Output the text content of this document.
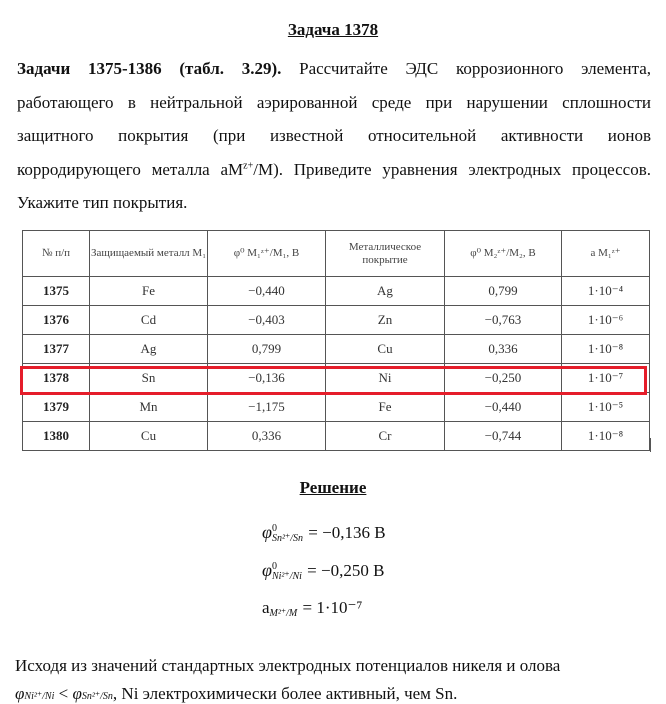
Задача 1378
Задачи 1375-1386 (табл. 3.29). Рассчитайте ЭДС коррозионного элемента, работающего в нейтральной аэрированной среде при нарушении сплошности защитного покрытия (при известной относительной активности ионов корродирующего металла $аM^{z+}/M$). Приведите уравнения электродных процессов. Укажите тип покрытия.
№ п/п	Защищаемый металл M₁	φ⁰ M₁ᶻ⁺/M₁, В	Металлическое покрытие	φ⁰ M₂ᶻ⁺/M₂, В	a M₁ᶻ⁺
1375	Fe	−0,440	Ag	0,799	1·10⁻⁴
1376	Cd	−0,403	Zn	−0,763	1·10⁻⁶
1377	Ag	0,799	Cu	0,336	1·10⁻⁸
1378	Sn	−0,136	Ni	−0,250	1·10⁻⁷
1379	Mn	−1,175	Fe	−0,440	1·10⁻⁵
1380	Cu	0,336	Cr	−0,744	1·10⁻⁸
Решение
φ 0
Sn²⁺/Sn = −0,136 В
φ 0
Ni²⁺/Ni = −0,250 В
a
M²⁺/M = 1·10⁻⁷
Исходя из значений стандартных электродных потенциалов никеля и олова
φNi²⁺/Ni < φSn²⁺/Sn, Ni электрохимически более активный, чем Sn.
